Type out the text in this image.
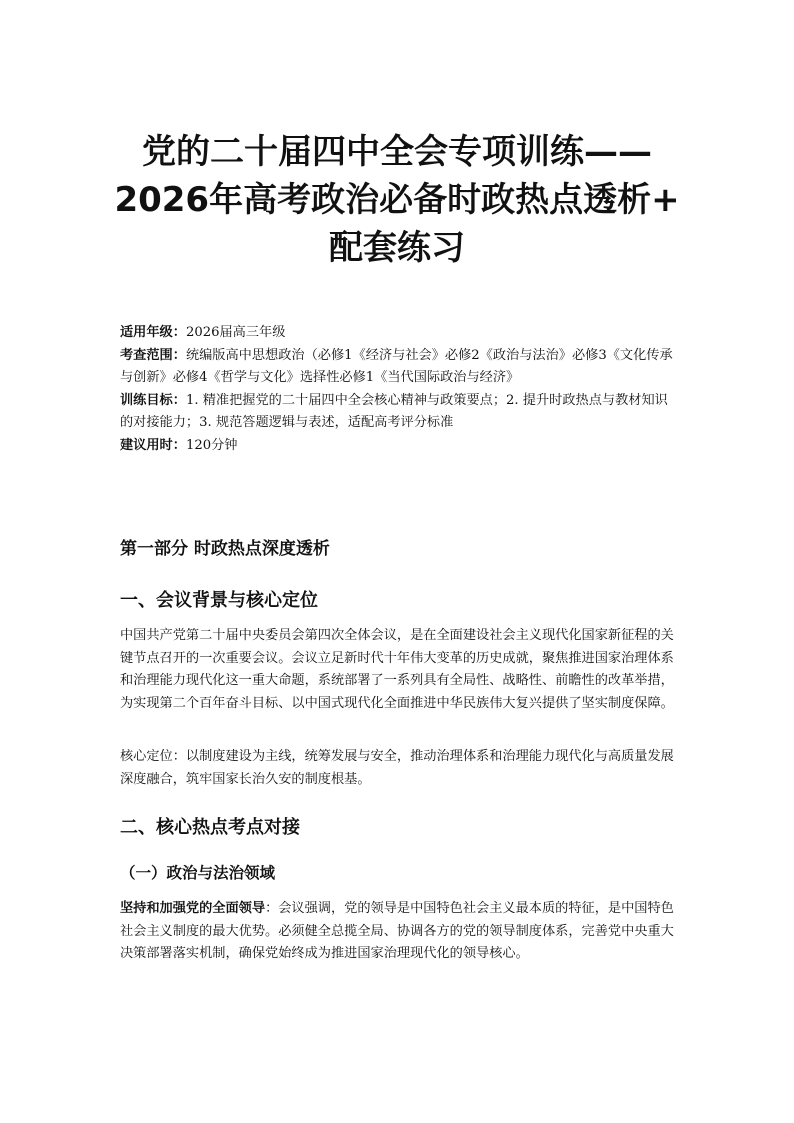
党的二十届四中全会专项训练——
2026年高考政治必备时政热点透析+
配套练习

适用年级：2026届高三年级

考查范围：统编版高中思想政治（必修1《经济与社会》必修2《政治与法治》必修3《文化传承与创新》必修4《哲学与文化》选择性必修1《当代国际政治与经济》

训练目标：1. 精准把握党的二十届四中全会核心精神与政策要点；2. 提升时政热点与教材知识的对接能力；3. 规范答题逻辑与表述，适配高考评分标准

建议用时：120分钟

第一部分 时政热点深度透析
一、会议背景与核心定位

中国共产党第二十届中央委员会第四次全体会议，是在全面建设社会主义现代化国家新征程的关键节点召开的一次重要会议。会议立足新时代十年伟大变革的历史成就，聚焦推进国家治理体系和治理能力现代化这一重大命题，系统部署了一系列具有全局性、战略性、前瞻性的改革举措，为实现第二个百年奋斗目标、以中国式现代化全面推进中华民族伟大复兴提供了坚实制度保障。

核心定位：以制度建设为主线，统筹发展与安全，推动治理体系和治理能力现代化与高质量发展深度融合，筑牢国家长治久安的制度根基。

二、核心热点考点对接
（一）政治与法治领域

坚持和加强党的全面领导：会议强调，党的领导是中国特色社会主义最本质的特征，是中国特色社会主义制度的最大优势。必须健全总揽全局、协调各方的党的领导制度体系，完善党中央重大决策部署落实机制，确保党始终成为推进国家治理现代化的领导核心。
